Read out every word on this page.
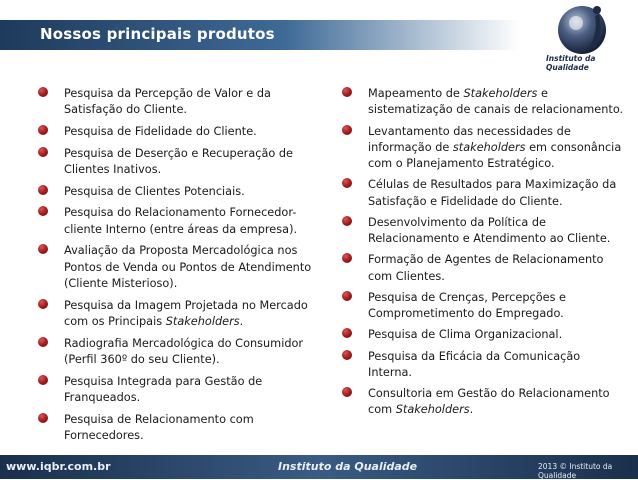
Nossos principais produtos
Instituto da Qualidade
Pesquisa da Percepção de Valor e da Satisfação do Cliente.
Pesquisa de Fidelidade do Cliente.
Pesquisa de Deserção e Recuperação de Clientes Inativos.
Pesquisa de Clientes Potenciais.
Pesquisa do Relacionamento Fornecedor-cliente Interno (entre áreas da empresa).
Avaliação da Proposta Mercadológica nos Pontos de Venda ou Pontos de Atendimento (Cliente Misterioso).
Pesquisa da Imagem Projetada no Mercado com os Principais Stakeholders.
Radiografia Mercadológica do Consumidor (Perfil 360º do seu Cliente).
Pesquisa Integrada para Gestão de Franqueados.
Pesquisa de Relacionamento com Fornecedores.
Mapeamento de Stakeholders e sistematização de canais de relacionamento.
Levantamento das necessidades de informação de stakeholders em consonância com o Planejamento Estratégico.
Células de Resultados para Maximização da Satisfação e Fidelidade do Cliente.
Desenvolvimento da Política de Relacionamento e Atendimento ao Cliente.
Formação de Agentes de Relacionamento com Clientes.
Pesquisa de Crenças, Percepções e Comprometimento do Empregado.
Pesquisa de Clima Organizacional.
Pesquisa da Eficácia da Comunicação Interna.
Consultoria em Gestão do Relacionamento com Stakeholders.
www.iqbr.com.br	Instituto da Qualidade	2013 © Instituto da Qualidade
